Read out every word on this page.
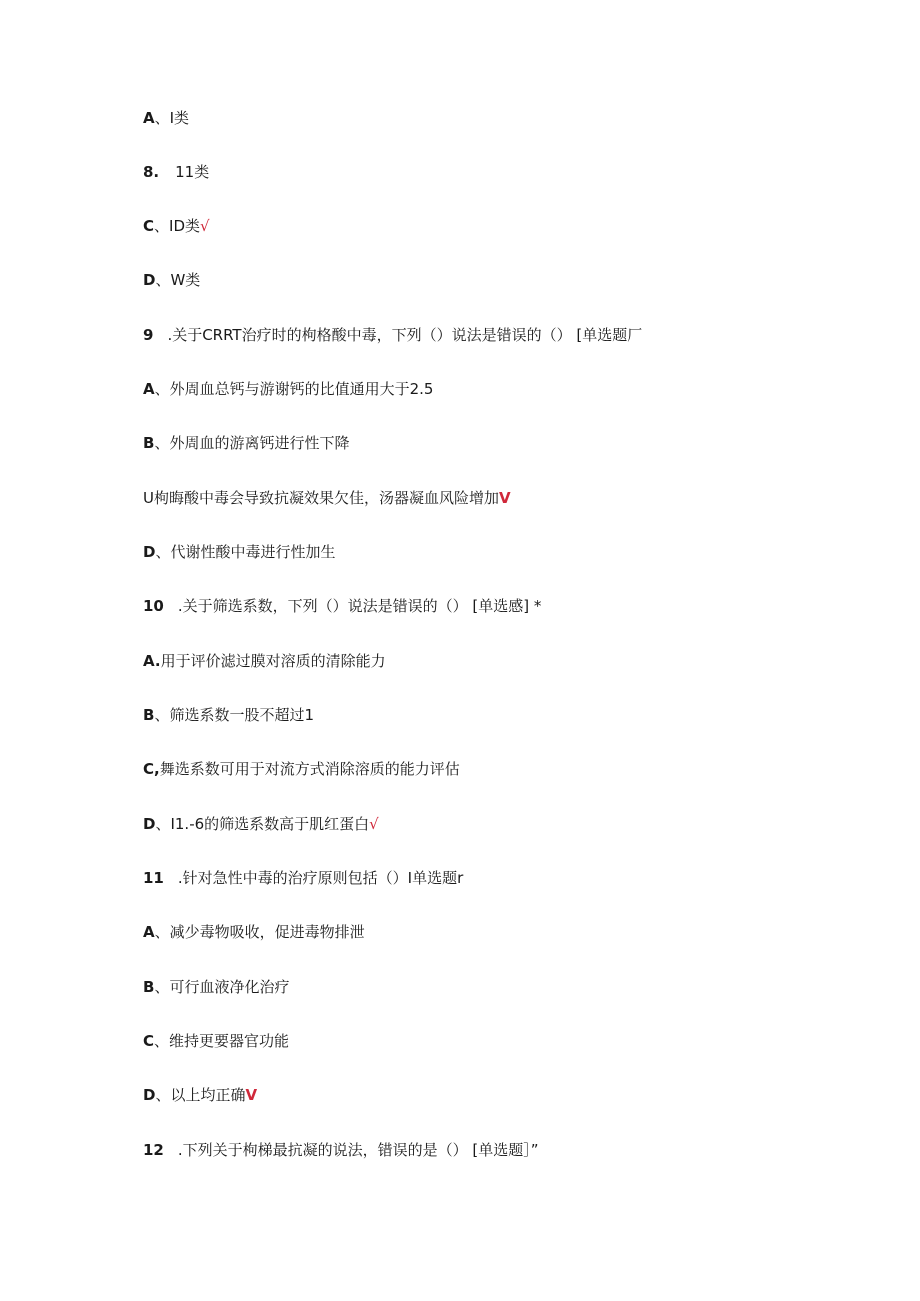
A、I类
8. 11类
C、ID类√
D、W类
9 .关于CRRT治疗时的枸格酸中毒，下列（）说法是错误的（） [单选题厂
A、外周血总钙与游谢钙的比值通用大于2.5
B、外周血的游离钙进行性下降
U枸晦酸中毒会导致抗凝效果欠佳，汤器凝血风险增加V
D、代谢性酸中毒进行性加生
10 .关于筛选系数，下列（）说法是错误的（） [单选感] *
A.用于评价滤过膜对溶质的清除能力
B、筛选系数一股不超过1
C,舞选系数可用于对流方式消除溶质的能力评估
D、I1.-6的筛选系数高于肌红蛋白√
11 .针对急性中毒的治疗原则包括（）I单选题r
A、减少毒物吸收，促进毒物排泄
B、可行血液净化治疗
C、维持更要器官功能
D、以上均正确V
12 .下列关于枸梯最抗凝的说法，错误的是（） [单选题］”
